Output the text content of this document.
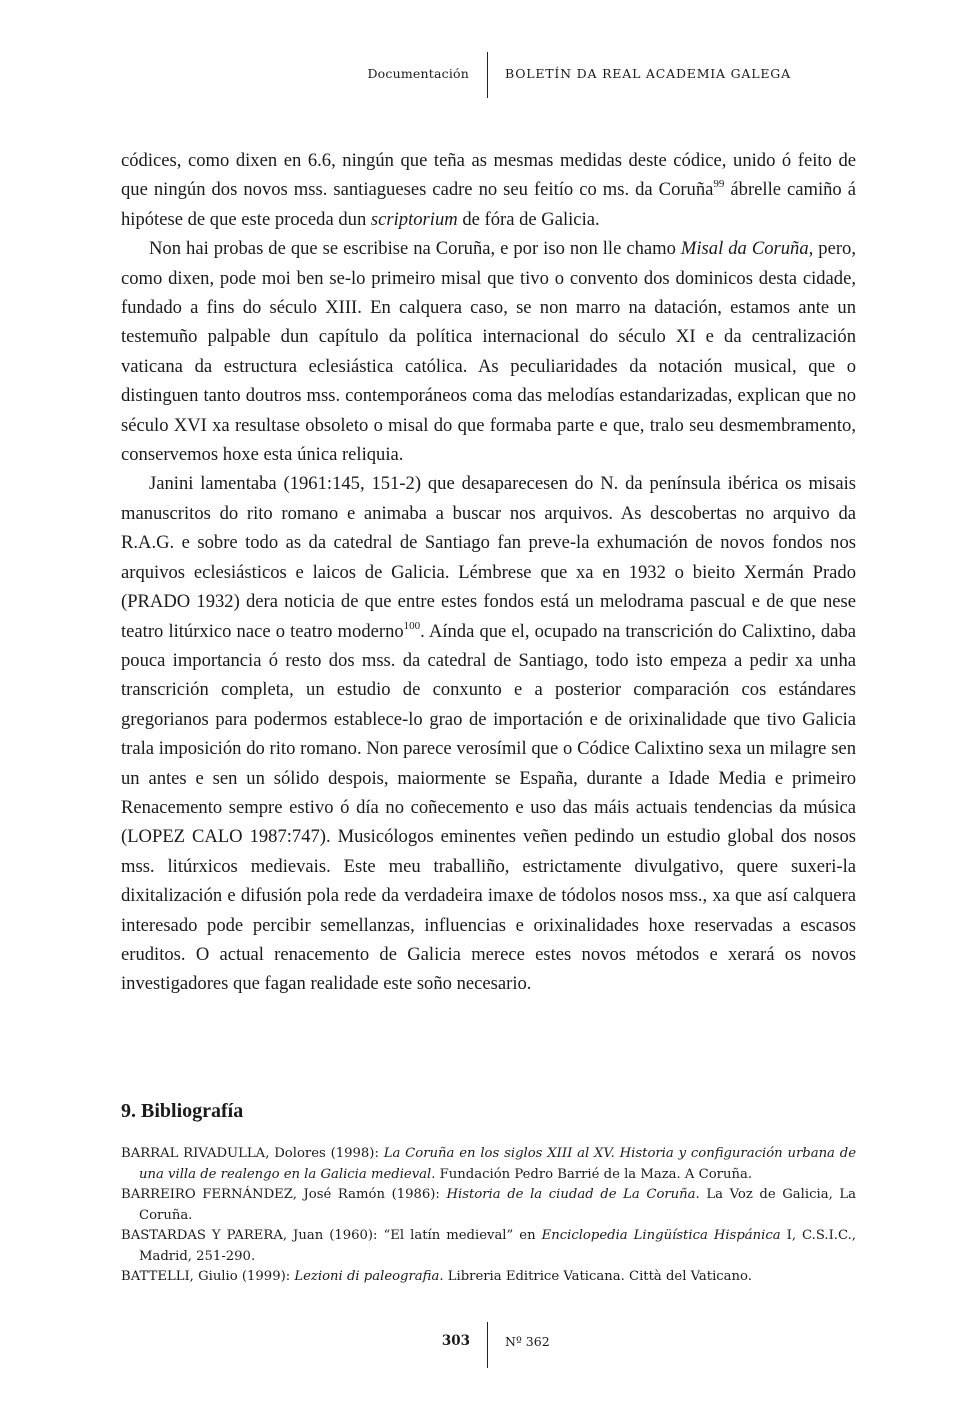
Documentación	BOLETÍN DA REAL ACADEMIA GALEGA

códices, como dixen en 6.6, ningún que teña as mesmas medidas deste códice, unido ó feito de que ningún dos novos mss. santiagueses cadre no seu feitío co ms. da Coruña$^{99}$ ábrelle camiño á hipótese de que este proceda dun scriptorium de fóra de Galicia.

Non hai probas de que se escribise na Coruña, e por iso non lle chamo Misal da Coruña, pero, como dixen, pode moi ben se-lo primeiro misal que tivo o convento dos dominicos desta cidade, fundado a fins do século XIII. En calquera caso, se non marro na datación, estamos ante un testemuño palpable dun capítulo da política internacional do século XI e da centralización vaticana da estructura eclesiástica católica. As peculiaridades da notación musical, que o distinguen tanto doutros mss. contemporáneos coma das melodías estandarizadas, explican que no século XVI xa resultase obsoleto o misal do que formaba parte e que, tralo seu desmembramento, conservemos hoxe esta única reliquia.

Janini lamentaba (1961:145, 151-2) que desaparecesen do N. da península ibérica os misais manuscritos do rito romano e animaba a buscar nos arquivos. As descobertas no arquivo da R.A.G. e sobre todo as da catedral de Santiago fan preve-la exhumación de novos fondos nos arquivos eclesiásticos e laicos de Galicia. Lémbrese que xa en 1932 o bieito Xermán Prado (PRADO 1932) dera noticia de que entre estes fondos está un melodrama pascual e de que nese teatro litúrxico nace o teatro moderno$^{100}$. Aínda que el, ocupado na transcrición do Calixtino, daba pouca importancia ó resto dos mss. da catedral de Santiago, todo isto empeza a pedir xa unha transcrición completa, un estudio de conxunto e a posterior comparación cos estándares gregorianos para podermos establece-lo grao de importación e de orixinalidade que tivo Galicia trala imposición do rito romano. Non parece verosímil que o Códice Calixtino sexa un milagre sen un antes e sen un sólido despois, maiormente se España, durante a Idade Media e primeiro Renacemento sempre estivo ó día no coñecemento e uso das máis actuais tendencias da música (LOPEZ CALO 1987:747). Musicólogos eminentes veñen pedindo un estudio global dos nosos mss. litúrxicos medievais. Este meu traballiño, estrictamente divulgativo, quere suxeri-la dixitalización e difusión pola rede da verdadeira imaxe de tódolos nosos mss., xa que así calquera interesado pode percibir semellanzas, influencias e orixinalidades hoxe reservadas a escasos eruditos. O actual renacemento de Galicia merece estes novos métodos e xerará os novos investigadores que fagan realidade este soño necesario.

9. Bibliografía

BARRAL RIVADULLA, Dolores (1998): La Coruña en los siglos XIII al XV. Historia y configuración urbana de una villa de realengo en la Galicia medieval. Fundación Pedro Barrié de la Maza. A Coruña.

BARREIRO FERNÁNDEZ, José Ramón (1986): Historia de la ciudad de La Coruña. La Voz de Galicia, La Coruña.

BASTARDAS Y PARERA, Juan (1960): “El latín medieval” en Enciclopedia Lingüística Hispánica I, C.S.I.C., Madrid, 251-290.

BATTELLI, Giulio (1999): Lezioni di paleografia. Libreria Editrice Vaticana. Città del Vaticano.

303	Nº 362
